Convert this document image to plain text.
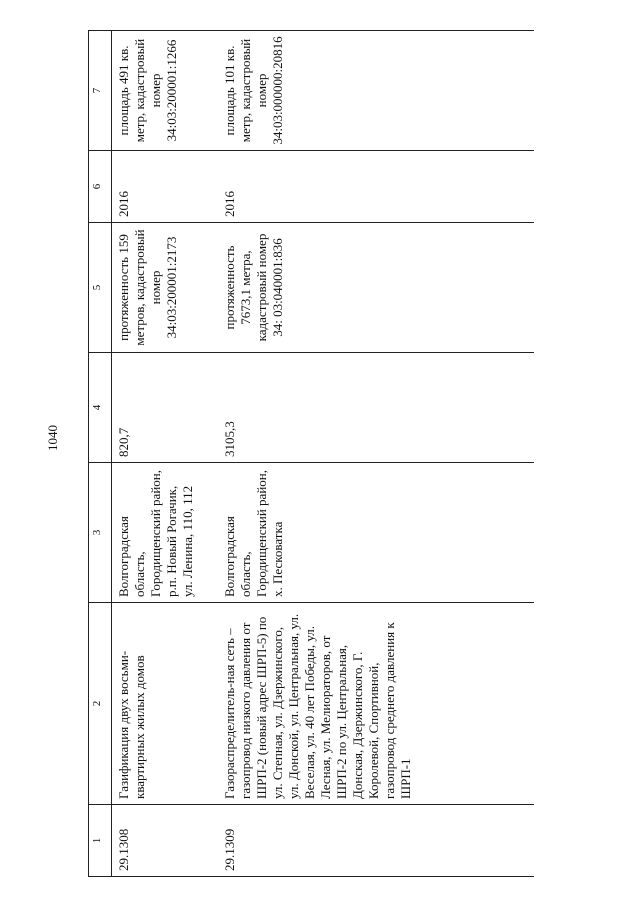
1040
1	2	3	4	5	6	7
29.1308	Газификация двух восьми-квартирных жилых домов	Волгоградская область, Городищенский район, р.п. Новый Рогачик, ул. Ленина, 110, 112	820,7	протяженность 159 метров, кадастровый номер 34:03:200001:2173	2016	площадь 491 кв. метр, кадастровый номер 34:03:200001:1266
29.1309	Газораспределитель-ная сеть – газопровод низкого давления от ШРП-2 (новый адрес ШРП-5) по ул. Степная, ул. Дзержинского, ул. Донской, ул. Центральная, ул. Веселая, ул. 40 лет Победы, ул. Лесная, ул. Мелиораторов, от ШРП-2 по ул. Центральная, Донская, Дзержинского, Г. Королевой, Спортивной, газопровод среднего давления к ШРП-1	Волгоградская область, Городищенский район, х. Песковатка	3105,3	протяженность 7673,1 метра, кадастровый номер 34: 03:040001:836	2016	площадь 101 кв. метр, кадастровый номер 34:03:000000:20816
